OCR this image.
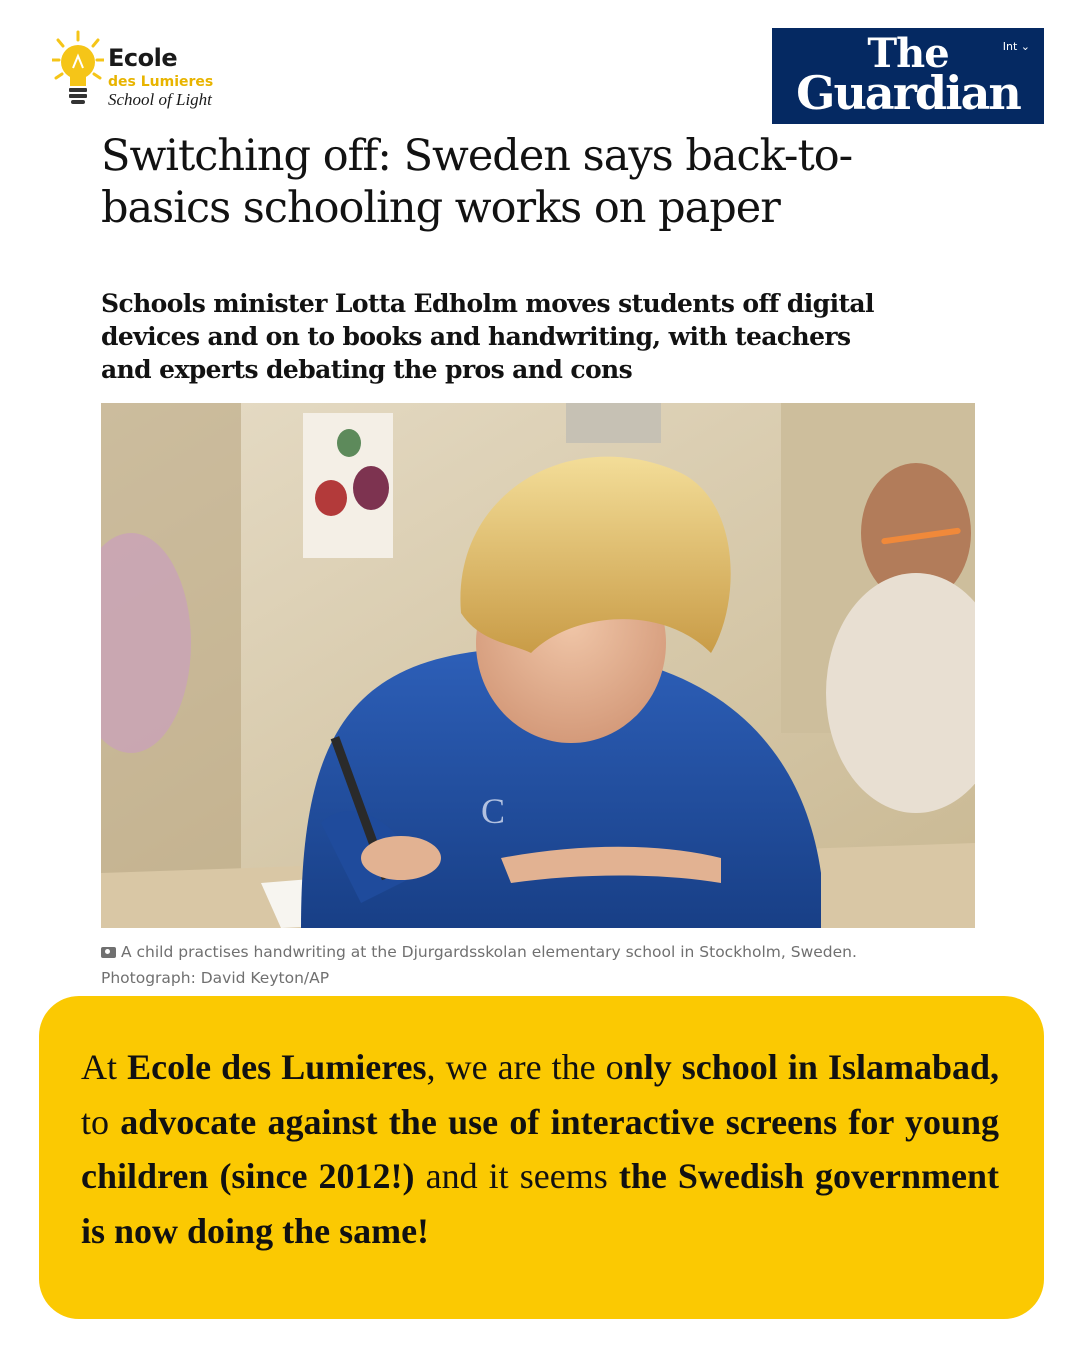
Ecole
des Lumieres
School of Light
Int ⌄
The
Guardian
Switching off: Sweden says back-to-basics schooling works on paper
Schools minister Lotta Edholm moves students off digital devices and on to books and handwriting, with teachers and experts debating the pros and cons
C
A child practises handwriting at the Djurgardsskolan elementary school in Stockholm, Sweden.
Photograph: David Keyton/AP

At Ecole des Lumieres, we are the only school in Islamabad, to advocate against the use of interactive screens for young children (since 2012!) and it seems the Swedish government is now doing the same!
